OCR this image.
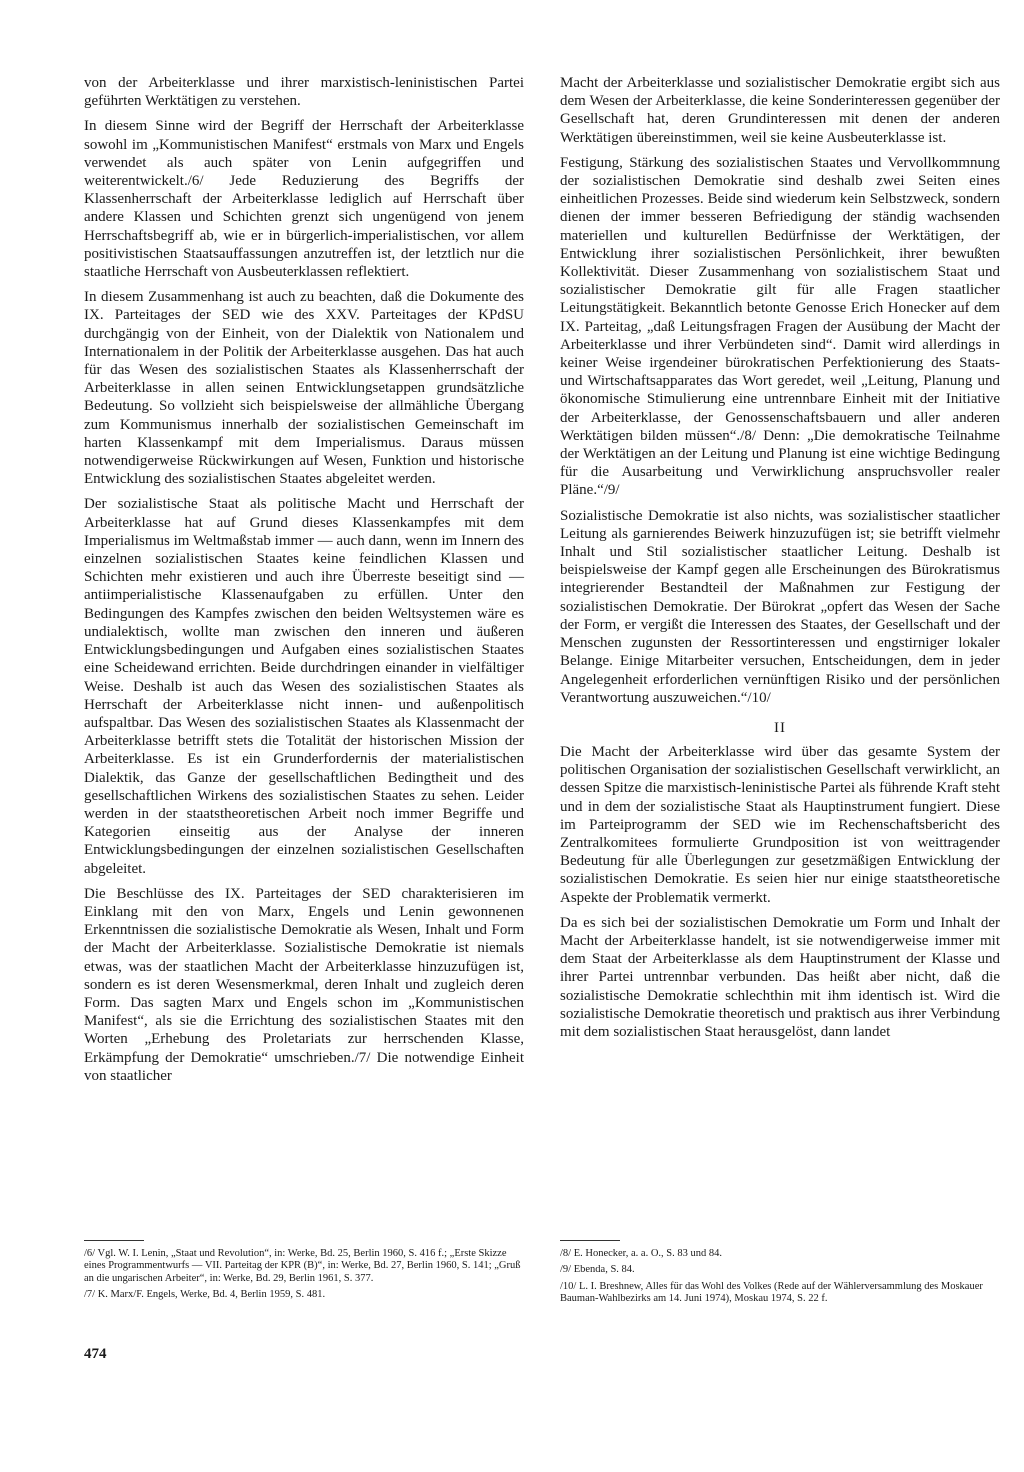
von der Arbeiterklasse und ihrer marxistisch-leninistischen Partei geführten Werktätigen zu verstehen.

In diesem Sinne wird der Begriff der Herrschaft der Arbeiterklasse sowohl im „Kommunistischen Manifest“ erstmals von Marx und Engels verwendet als auch später von Lenin aufgegriffen und weiterentwickelt./6/ Jede Reduzierung des Begriffs der Klassenherrschaft der Arbeiterklasse lediglich auf Herrschaft über andere Klassen und Schichten grenzt sich ungenügend von jenem Herrschaftsbegriff ab, wie er in bürgerlich-imperialistischen, vor allem positivistischen Staatsauffassungen anzutreffen ist, der letztlich nur die staatliche Herrschaft von Ausbeuterklassen reflektiert.

In diesem Zusammenhang ist auch zu beachten, daß die Dokumente des IX. Parteitages der SED wie des XXV. Parteitages der KPdSU durchgängig von der Einheit, von der Dialektik von Nationalem und Internationalem in der Politik der Arbeiterklasse ausgehen. Das hat auch für das Wesen des sozialistischen Staates als Klassenherrschaft der Arbeiterklasse in allen seinen Entwicklungsetappen grundsätzliche Bedeutung. So vollzieht sich beispielsweise der allmähliche Übergang zum Kommunismus innerhalb der sozialistischen Gemeinschaft im harten Klassenkampf mit dem Imperialismus. Daraus müssen notwendigerweise Rückwirkungen auf Wesen, Funktion und historische Entwicklung des sozialistischen Staates abgeleitet werden.

Der sozialistische Staat als politische Macht und Herrschaft der Arbeiterklasse hat auf Grund dieses Klassenkampfes mit dem Imperialismus im Weltmaßstab immer — auch dann, wenn im Innern des einzelnen sozialistischen Staates keine feindlichen Klassen und Schichten mehr existieren und auch ihre Überreste beseitigt sind — antiimperialistische Klassenaufgaben zu erfüllen. Unter den Bedingungen des Kampfes zwischen den beiden Weltsystemen wäre es undialektisch, wollte man zwischen den inneren und äußeren Entwicklungsbedingungen und Aufgaben eines sozialistischen Staates eine Scheidewand errichten. Beide durchdringen einander in vielfältiger Weise. Deshalb ist auch das Wesen des sozialistischen Staates als Herrschaft der Arbeiterklasse nicht innen- und außenpolitisch aufspaltbar. Das Wesen des sozialistischen Staates als Klassenmacht der Arbeiterklasse betrifft stets die Totalität der historischen Mission der Arbeiterklasse. Es ist ein Grunderfordernis der materialistischen Dialektik, das Ganze der gesellschaftlichen Bedingtheit und des gesellschaftlichen Wirkens des sozialistischen Staates zu sehen. Leider werden in der staatstheoretischen Arbeit noch immer Begriffe und Kategorien einseitig aus der Analyse der inneren Entwicklungsbedingungen der einzelnen sozialistischen Gesellschaften abgeleitet.

Die Beschlüsse des IX. Parteitages der SED charakterisieren im Einklang mit den von Marx, Engels und Lenin gewonnenen Erkenntnissen die sozialistische Demokratie als Wesen, Inhalt und Form der Macht der Arbeiterklasse. Sozialistische Demokratie ist niemals etwas, was der staatlichen Macht der Arbeiterklasse hinzuzufügen ist, sondern es ist deren Wesensmerkmal, deren Inhalt und zugleich deren Form. Das sagten Marx und Engels schon im „Kommunistischen Manifest“, als sie die Errichtung des sozialistischen Staates mit den Worten „Erhebung des Proletariats zur herrschenden Klasse, Erkämpfung der Demokratie“ umschrieben./7/ Die notwendige Einheit von staatlicher

Macht der Arbeiterklasse und sozialistischer Demokratie ergibt sich aus dem Wesen der Arbeiterklasse, die keine Sonderinteressen gegenüber der Gesellschaft hat, deren Grundinteressen mit denen der anderen Werktätigen übereinstimmen, weil sie keine Ausbeuterklasse ist.

Festigung, Stärkung des sozialistischen Staates und Vervollkommnung der sozialistischen Demokratie sind deshalb zwei Seiten eines einheitlichen Prozesses. Beide sind wiederum kein Selbstzweck, sondern dienen der immer besseren Befriedigung der ständig wachsenden materiellen und kulturellen Bedürfnisse der Werktätigen, der Entwicklung ihrer sozialistischen Persönlichkeit, ihrer bewußten Kollektivität. Dieser Zusammenhang von sozialistischem Staat und sozialistischer Demokratie gilt für alle Fragen staatlicher Leitungstätigkeit. Bekanntlich betonte Genosse Erich Honecker auf dem IX. Parteitag, „daß Leitungsfragen Fragen der Ausübung der Macht der Arbeiterklasse und ihrer Verbündeten sind“. Damit wird allerdings in keiner Weise irgendeiner bürokratischen Perfektionierung des Staats- und Wirtschaftsapparates das Wort geredet, weil „Leitung, Planung und ökonomische Stimulierung eine untrennbare Einheit mit der Initiative der Arbeiterklasse, der Genossenschaftsbauern und aller anderen Werktätigen bilden müssen“./8/ Denn: „Die demokratische Teilnahme der Werktätigen an der Leitung und Planung ist eine wichtige Bedingung für die Ausarbeitung und Verwirklichung anspruchsvoller realer Pläne.“/9/

Sozialistische Demokratie ist also nichts, was sozialistischer staatlicher Leitung als garnierendes Beiwerk hinzuzufügen ist; sie betrifft vielmehr Inhalt und Stil sozialistischer staatlicher Leitung. Deshalb ist beispielsweise der Kampf gegen alle Erscheinungen des Bürokratismus integrierender Bestandteil der Maßnahmen zur Festigung der sozialistischen Demokratie. Der Bürokrat „opfert das Wesen der Sache der Form, er vergißt die Interessen des Staates, der Gesellschaft und der Menschen zugunsten der Ressortinteressen und engstirniger lokaler Belange. Einige Mitarbeiter versuchen, Entscheidungen, dem in jeder Angelegenheit erforderlichen vernünftigen Risiko und der persönlichen Verantwortung auszuweichen.“/10/

II

Die Macht der Arbeiterklasse wird über das gesamte System der politischen Organisation der sozialistischen Gesellschaft verwirklicht, an dessen Spitze die marxistisch-leninistische Partei als führende Kraft steht und in dem der sozialistische Staat als Hauptinstrument fungiert. Diese im Parteiprogramm der SED wie im Rechenschaftsbericht des Zentralkomitees formulierte Grundposition ist von weittragender Bedeutung für alle Überlegungen zur gesetzmäßigen Entwicklung der sozialistischen Demokratie. Es seien hier nur einige staatstheoretische Aspekte der Problematik vermerkt.

Da es sich bei der sozialistischen Demokratie um Form und Inhalt der Macht der Arbeiterklasse handelt, ist sie notwendigerweise immer mit dem Staat der Arbeiterklasse als dem Hauptinstrument der Klasse und ihrer Partei untrennbar verbunden. Das heißt aber nicht, daß die sozialistische Demokratie schlechthin mit ihm identisch ist. Wird die sozialistische Demokratie theoretisch und praktisch aus ihrer Verbindung mit dem sozialistischen Staat herausgelöst, dann landet

/6/ Vgl. W. I. Lenin, „Staat und Revolution“, in: Werke, Bd. 25, Berlin 1960, S. 416 f.; „Erste Skizze eines Programmentwurfs — VII. Parteitag der KPR (B)“, in: Werke, Bd. 27, Berlin 1960, S. 141; „Gruß an die ungarischen Arbeiter“, in: Werke, Bd. 29, Berlin 1961, S. 377.

/7/ K. Marx/F. Engels, Werke, Bd. 4, Berlin 1959, S. 481.

/8/ E. Honecker, a. a. O., S. 83 und 84.

/9/ Ebenda, S. 84.

/10/ L. I. Breshnew, Alles für das Wohl des Volkes (Rede auf der Wählerversammlung des Moskauer Bauman-Wahlbezirks am 14. Juni 1974), Moskau 1974, S. 22 f.

474
